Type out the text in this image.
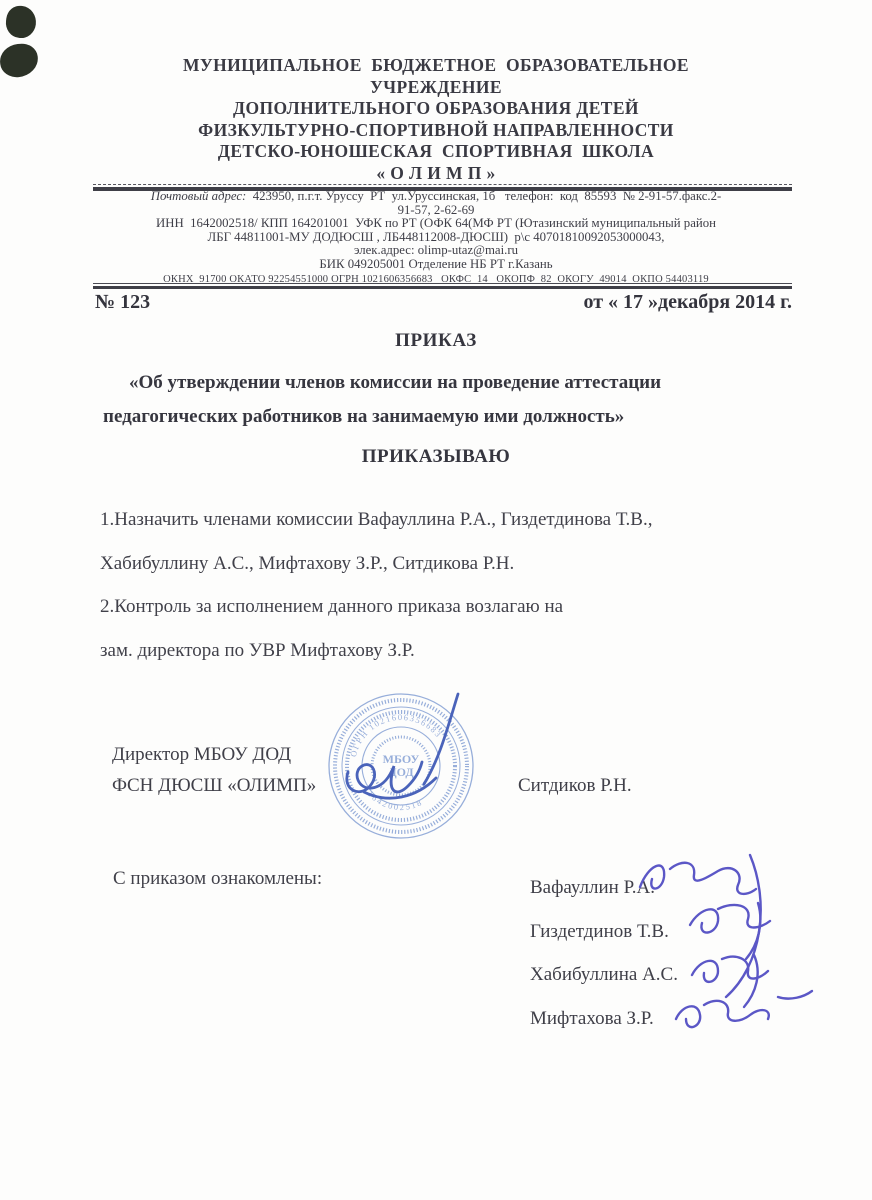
МУНИЦИПАЛЬНОЕ  БЮДЖЕТНОЕ  ОБРАЗОВАТЕЛЬНОЕ
УЧРЕЖДЕНИЕ
ДОПОЛНИТЕЛЬНОГО ОБРАЗОВАНИЯ ДЕТЕЙ
ФИЗКУЛЬТУРНО-СПОРТИВНОЙ НАПРАВЛЕННОСТИ
ДЕТСКО-ЮНОШЕСКАЯ  СПОРТИВНАЯ  ШКОЛА
« О Л И М П »
Почтовый адрес:  423950, п.г.т. Уруссу  РТ  ул.Уруссинская, 1б   телефон:  код  85593  № 2-91-57.факс.2-
91-57, 2-62-69
ИНН  1642002518/ КПП 164201001  УФК по РТ (ОФК 64(МФ РТ (Ютазинский муниципальный район
ЛБГ 44811001-МУ ДОДЮСШ , ЛБ448112008-ДЮСШ)  р\с 40701810092053000043,
элек.адрес: olimp-utaz@mai.ru
БИК 049205001 Отделение НБ РТ г.Казань
ОКНХ  91700 ОКАТО 92254551000 ОГРН 1021606356683   ОКФС  14   ОКОПФ  82  ОКОГУ  49014  ОКПО 54403119
№ 123	от « 17 »декабря 2014 г.
ПРИКАЗ
«Об утверждении членов комиссии на проведение аттестации
педагогических работников на занимаемую ими должность»
ПРИКАЗЫВАЮ
1.Назначить членами комиссии Вафауллина Р.А., Гиздетдинова Т.В.,
Хабибуллину А.С., Мифтахову З.Р., Ситдикова Р.Н.
2.Контроль за исполнением данного приказа возлагаю на
зам. директора по УВР Мифтахову З.Р.
ОГРН 1021606356683
1642002518
МБОУ
ДОД
Директор МБОУ ДОД
ФСН ДЮСШ «ОЛИМП»	Ситдиков Р.Н.
С приказом ознакомлены:	Вафауллин Р.А.
Гиздетдинов Т.В.
Хабибуллина А.С.
Мифтахова З.Р.
